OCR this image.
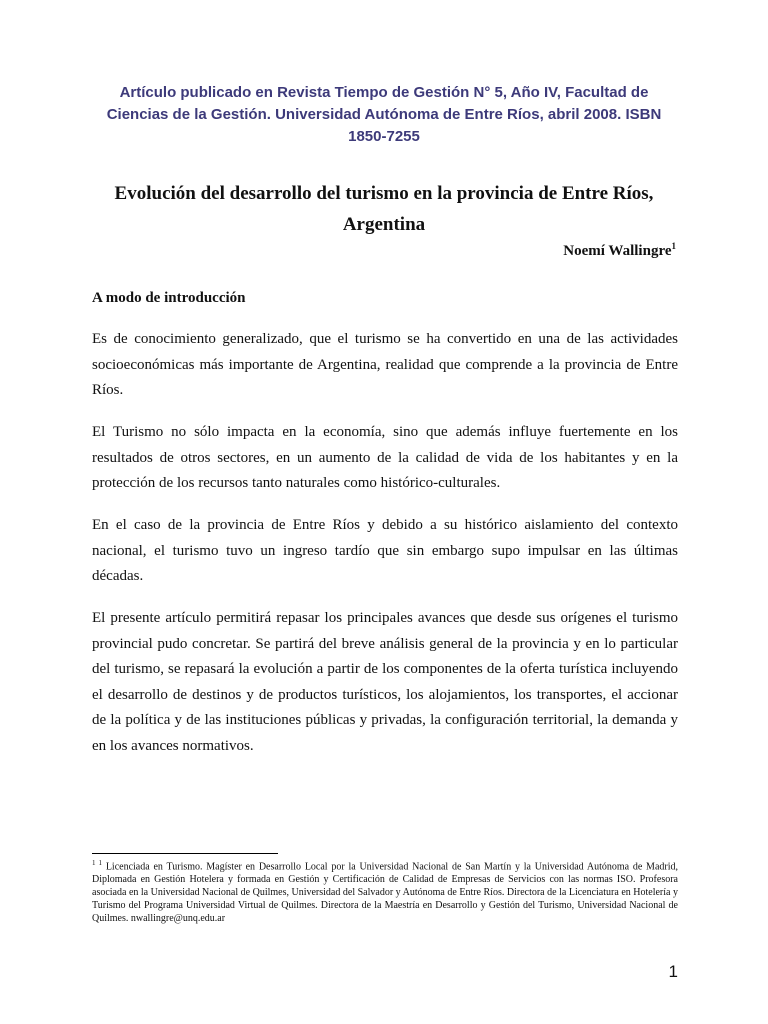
Artículo publicado en Revista Tiempo de Gestión N° 5, Año IV, Facultad de Ciencias de la Gestión. Universidad Autónoma de Entre Ríos, abril 2008. ISBN 1850-7255
Evolución del desarrollo del turismo en la provincia de Entre Ríos, Argentina
Noemí Wallingre$^1$
A modo de introducción

Es de conocimiento generalizado, que el turismo se ha convertido en una de las actividades socioeconómicas más importante de Argentina, realidad que comprende a la provincia de Entre Ríos.

El Turismo no sólo impacta en la economía, sino que además influye fuertemente en los resultados de otros sectores, en un aumento de la calidad de vida de los habitantes y en la protección de los recursos tanto naturales como histórico-culturales.

En el caso de la provincia de Entre Ríos y debido a su histórico aislamiento del contexto nacional, el turismo tuvo un ingreso tardío que sin embargo supo impulsar en las últimas décadas.

El presente artículo permitirá repasar los principales avances que desde sus orígenes el turismo provincial pudo concretar. Se partirá del breve análisis general de la provincia y en lo particular del turismo, se repasará la evolución a partir de los componentes de la oferta turística incluyendo el desarrollo de destinos y de productos turísticos, los alojamientos, los transportes, el accionar de la política y de las instituciones públicas y privadas, la configuración territorial, la demanda y en los avances normativos.

$^{1 1}$ Licenciada en Turismo. Magíster en Desarrollo Local por la Universidad Nacional de San Martín y la Universidad Autónoma de Madrid, Diplomada en Gestión Hotelera y formada en Gestión y Certificación de Calidad de Empresas de Servicios con las normas ISO. Profesora asociada en la Universidad Nacional de Quilmes, Universidad del Salvador y Autónoma de Entre Ríos. Directora de la Licenciatura en Hotelería y Turismo del Programa Universidad Virtual de Quilmes. Directora de la Maestría en Desarrollo y Gestión del Turismo, Universidad Nacional de Quilmes. nwallingre@unq.edu.ar
1
